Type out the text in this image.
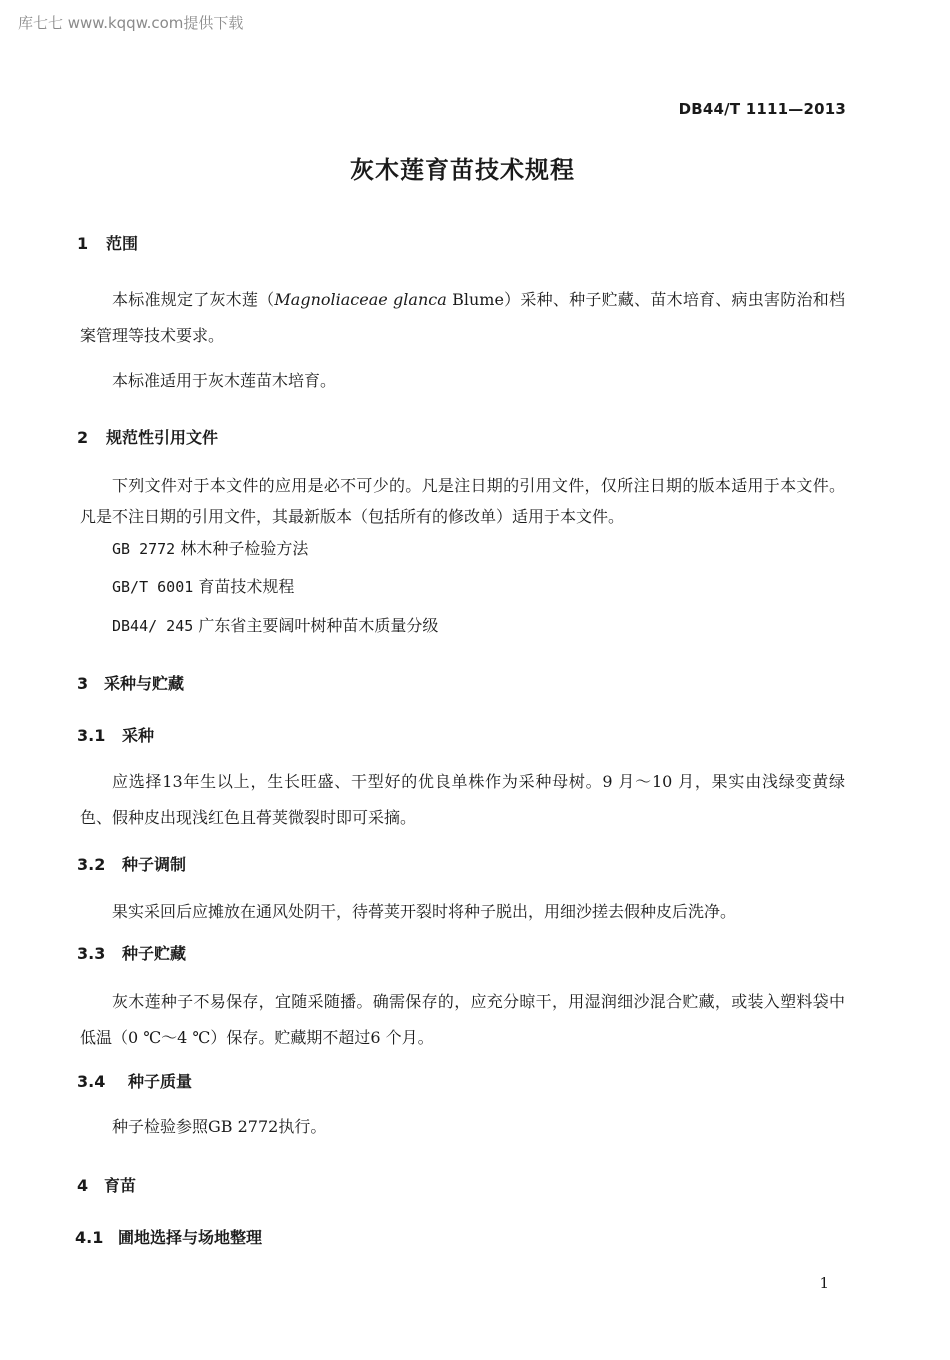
库七七 www.kqqw.com提供下载
DB44/T 1111—2013
灰木莲育苗技术规程
1 范围
本标准规定了灰木莲（Magnoliaceae glanca Blume）采种、种子贮藏、苗木培育、病虫害防治和档案管理等技术要求。
本标准适用于灰木莲苗木培育。
2 规范性引用文件
下列文件对于本文件的应用是必不可少的。凡是注日期的引用文件，仅所注日期的版本适用于本文件。凡是不注日期的引用文件，其最新版本（包括所有的修改单）适用于本文件。
GB 2772 林木种子检验方法
GB/T 6001 育苗技术规程
DB44/ 245 广东省主要阔叶树种苗木质量分级
3 采种与贮藏
3.1 采种
应选择13年生以上，生长旺盛、干型好的优良单株作为采种母树。9 月～10 月，果实由浅绿变黄绿色、假种皮出现浅红色且蓇荚微裂时即可采摘。
3.2 种子调制
果实采回后应摊放在通风处阴干，待蓇荚开裂时将种子脱出，用细沙搓去假种皮后洗净。
3.3 种子贮藏
灰木莲种子不易保存，宜随采随播。确需保存的，应充分晾干，用湿润细沙混合贮藏，或装入塑料袋中低温（0 ℃～4 ℃）保存。贮藏期不超过6 个月。
3.4 种子质量
种子检验参照GB 2772执行。
4 育苗
4.1 圃地选择与场地整理
1
